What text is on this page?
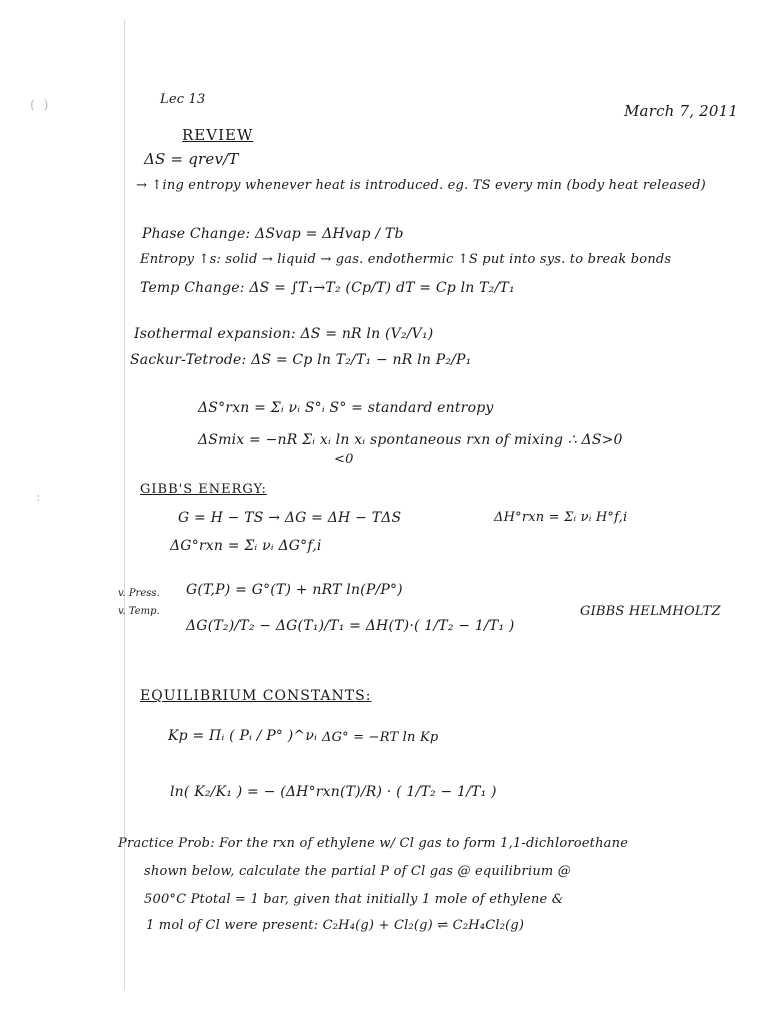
(  )
:
Lec 13
March 7, 2011
REVIEW
ΔS = qrev/T
→ ↑ing entropy whenever heat is introduced. eg. TS every min (body heat released)
Phase Change: ΔSvap = ΔHvap / Tb
Entropy ↑s: solid → liquid → gas. endothermic ↑S put into sys. to break bonds
Temp Change: ΔS = ∫T₁→T₂ (Cp/T) dT = Cp ln T₂/T₁
Isothermal expansion: ΔS = nR ln (V₂/V₁)
Sackur-Tetrode: ΔS = Cp ln T₂/T₁ − nR ln P₂/P₁
ΔS°rxn = Σᵢ νᵢ S°ᵢ S° = standard entropy
ΔSmix = −nR Σᵢ xᵢ ln xᵢ spontaneous rxn of mixing ∴ ΔS>0
<0
GIBB'S ENERGY:
G = H − TS → ΔG = ΔH − TΔS	ΔH°rxn = Σᵢ νᵢ H°f,i
ΔG°rxn = Σᵢ νᵢ ΔG°f,i
v. Press. G(T,P) = G°(T) + nRT ln(P/P°)
v. Temp.
ΔG(T₂)/T₂ − ΔG(T₁)/T₁ = ΔH(T)·( 1/T₂ − 1/T₁ )
GIBBS HELMHOLTZ
EQUILIBRIUM CONSTANTS:
Kp = Πᵢ ( Pᵢ / P° )^νᵢ ΔG° = −RT ln Kp
ln( K₂/K₁ ) = − (ΔH°rxn(T)/R) · ( 1/T₂ − 1/T₁ )
Practice Prob: For the rxn of ethylene w/ Cl gas to form 1,1-dichloroethane
shown below, calculate the partial P of Cl gas @ equilibrium @
500°C Ptotal = 1 bar, given that initially 1 mole of ethylene &
1 mol of Cl were present: C₂H₄(g) + Cl₂(g) ⇌ C₂H₄Cl₂(g)
